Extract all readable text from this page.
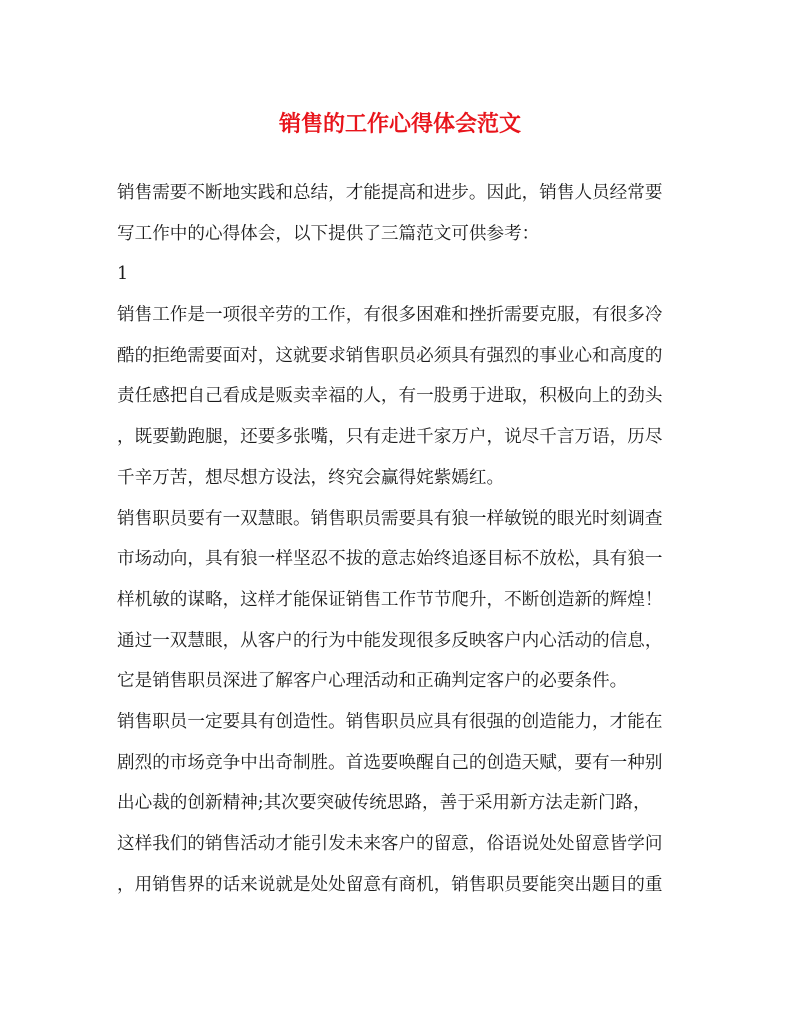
销售的工作心得体会范文
销售需要不断地实践和总结，才能提高和进步。因此，销售人员经常要
写工作中的心得体会，以下提供了三篇范文可供参考：
1
销售工作是一项很辛劳的工作，有很多困难和挫折需要克服，有很多冷
酷的拒绝需要面对，这就要求销售职员必须具有强烈的事业心和高度的
责任感把自己看成是贩卖幸福的人，有一股勇于进取，积极向上的劲头
，既要勤跑腿，还要多张嘴，只有走进千家万户，说尽千言万语，历尽
千辛万苦，想尽想方设法，终究会赢得姹紫嫣红。
销售职员要有一双慧眼。销售职员需要具有狼一样敏锐的眼光时刻调查
市场动向，具有狼一样坚忍不拔的意志始终追逐目标不放松，具有狼一
样机敏的谋略，这样才能保证销售工作节节爬升，不断创造新的辉煌！
通过一双慧眼，从客户的行为中能发现很多反映客户内心活动的信息，
它是销售职员深进了解客户心理活动和正确判定客户的必要条件。
销售职员一定要具有创造性。销售职员应具有很强的创造能力，才能在
剧烈的市场竞争中出奇制胜。首选要唤醒自己的创造天赋，要有一种别
出心裁的创新精神;其次要突破传统思路，善于采用新方法走新门路，
这样我们的销售活动才能引发未来客户的留意，俗语说处处留意皆学问
，用销售界的话来说就是处处留意有商机，销售职员要能突出题目的重
